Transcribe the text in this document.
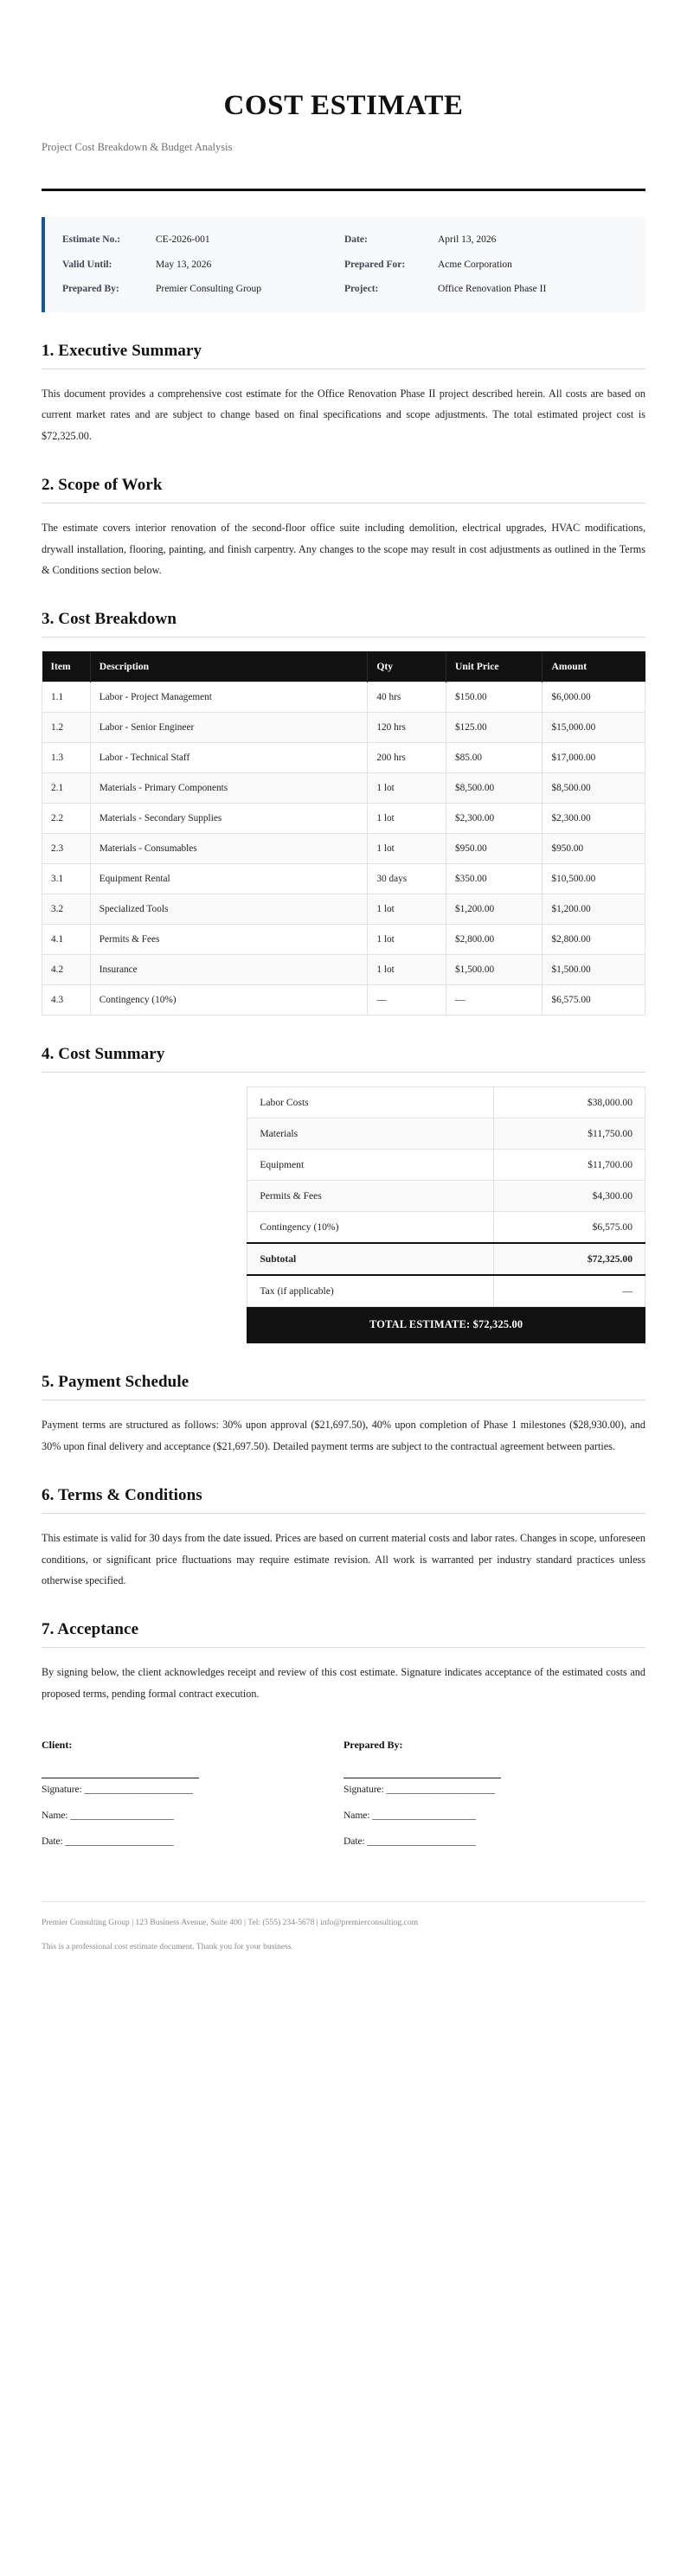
COST ESTIMATE

Project Cost Breakdown & Budget Analysis

Estimate No.:	CE-2026-001
Valid Until:	May 13, 2026
Prepared By:	Premier Consulting Group
Date:	April 13, 2026
Prepared For:	Acme Corporation
Project:	Office Renovation Phase II
1. Executive Summary

This document provides a comprehensive cost estimate for the Office Renovation Phase II project described herein. All costs are based on current market rates and are subject to change based on final specifications and scope adjustments. The total estimated project cost is $72,325.00.

2. Scope of Work

The estimate covers interior renovation of the second-floor office suite including demolition, electrical upgrades, HVAC modifications, drywall installation, flooring, painting, and finish carpentry. Any changes to the scope may result in cost adjustments as outlined in the Terms & Conditions section below.

3. Cost Breakdown
Item	Description	Qty	Unit Price	Amount
1.1	Labor - Project Management	40 hrs	$150.00	$6,000.00
1.2	Labor - Senior Engineer	120 hrs	$125.00	$15,000.00
1.3	Labor - Technical Staff	200 hrs	$85.00	$17,000.00
2.1	Materials - Primary Components	1 lot	$8,500.00	$8,500.00
2.2	Materials - Secondary Supplies	1 lot	$2,300.00	$2,300.00
2.3	Materials - Consumables	1 lot	$950.00	$950.00
3.1	Equipment Rental	30 days	$350.00	$10,500.00
3.2	Specialized Tools	1 lot	$1,200.00	$1,200.00
4.1	Permits & Fees	1 lot	$2,800.00	$2,800.00
4.2	Insurance	1 lot	$1,500.00	$1,500.00
4.3	Contingency (10%)	—	—	$6,575.00
4. Cost Summary
Labor Costs	$38,000.00
Materials	$11,750.00
Equipment	$11,700.00
Permits & Fees	$4,300.00
Contingency (10%)	$6,575.00
Subtotal	$72,325.00
Tax (if applicable)	—
TOTAL ESTIMATE: $72,325.00	
5. Payment Schedule

Payment terms are structured as follows: 30% upon approval ($21,697.50), 40% upon completion of Phase 1 milestones ($28,930.00), and 30% upon final delivery and acceptance ($21,697.50). Detailed payment terms are subject to the contractual agreement between parties.

6. Terms & Conditions

This estimate is valid for 30 days from the date issued. Prices are based on current material costs and labor rates. Changes in scope, unforeseen conditions, or significant price fluctuations may require estimate revision. All work is warranted per industry standard practices unless otherwise specified.

7. Acceptance

By signing below, the client acknowledges receipt and review of this cost estimate. Signature indicates acceptance of the estimated costs and proposed terms, pending formal contract execution.

Client:

Signature: ______________________

Name: _____________________

Date: ______________________

Prepared By:

Signature: ______________________

Name: _____________________

Date: ______________________

Premier Consulting Group | 123 Business Avenue, Suite 400 | Tel: (555) 234-5678 | info@premierconsulting.com

This is a professional cost estimate document. Thank you for your business.
